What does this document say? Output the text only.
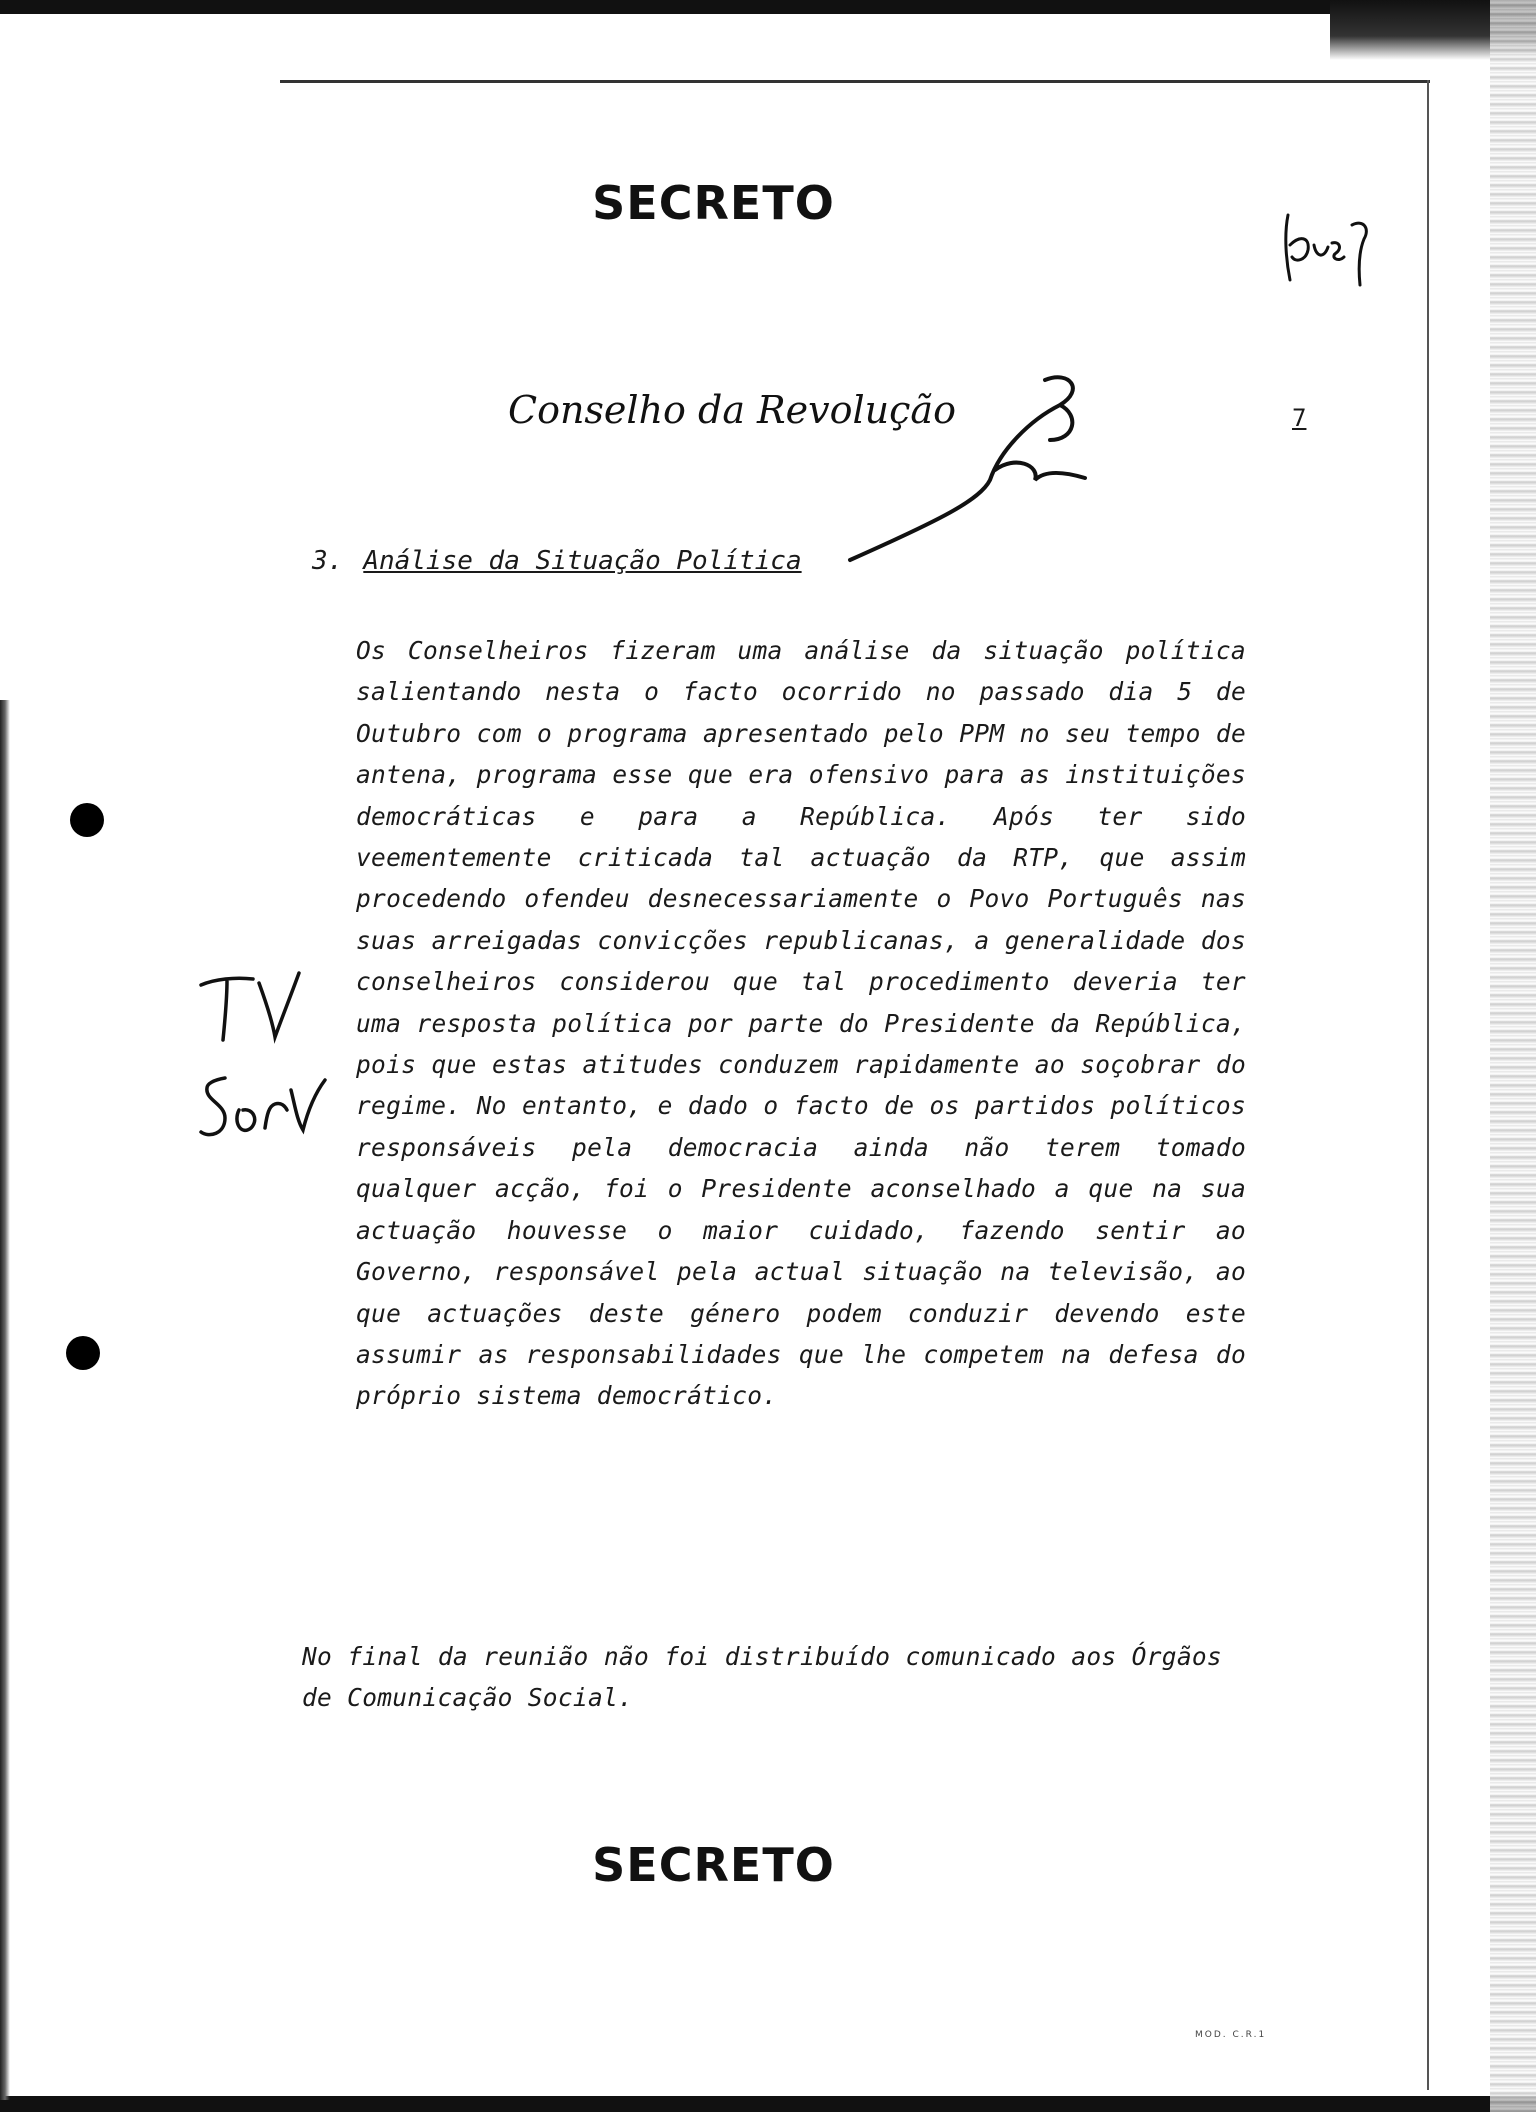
SECRETO
7
Conselho da Revolução
3. Análise da Situação Política

Os Conselheiros fizeram uma análise da situação política salientando nesta o facto ocorrido no passado dia 5 de Outubro com o programa apresentado pelo PPM no seu tempo de antena, programa esse que era ofensivo para as instituições democráticas e para a República. Após ter sido veementemente criticada tal actuação da RTP, que assim procedendo ofendeu desnecessariamente o Povo Português nas suas arreigadas convicções republicanas, a generalidade dos conselheiros considerou que tal procedimento deveria ter uma resposta política por parte do Presidente da República, pois que estas atitudes conduzem rapidamente ao soçobrar do regime. No entanto, e dado o facto de os partidos políticos responsáveis pela democracia ainda não terem tomado qualquer acção, foi o Presidente aconselhado a que na sua actuação houvesse o maior cuidado, fazendo sentir ao Governo, responsável pela actual situação na televisão, ao que actuações deste género podem conduzir devendo este assumir as responsabilidades que lhe competem na defesa do próprio sistema democrático.

No final da reunião não foi distribuído comunicado aos Órgãos de Comunicação Social.

SECRETO
MOD. C.R.1
